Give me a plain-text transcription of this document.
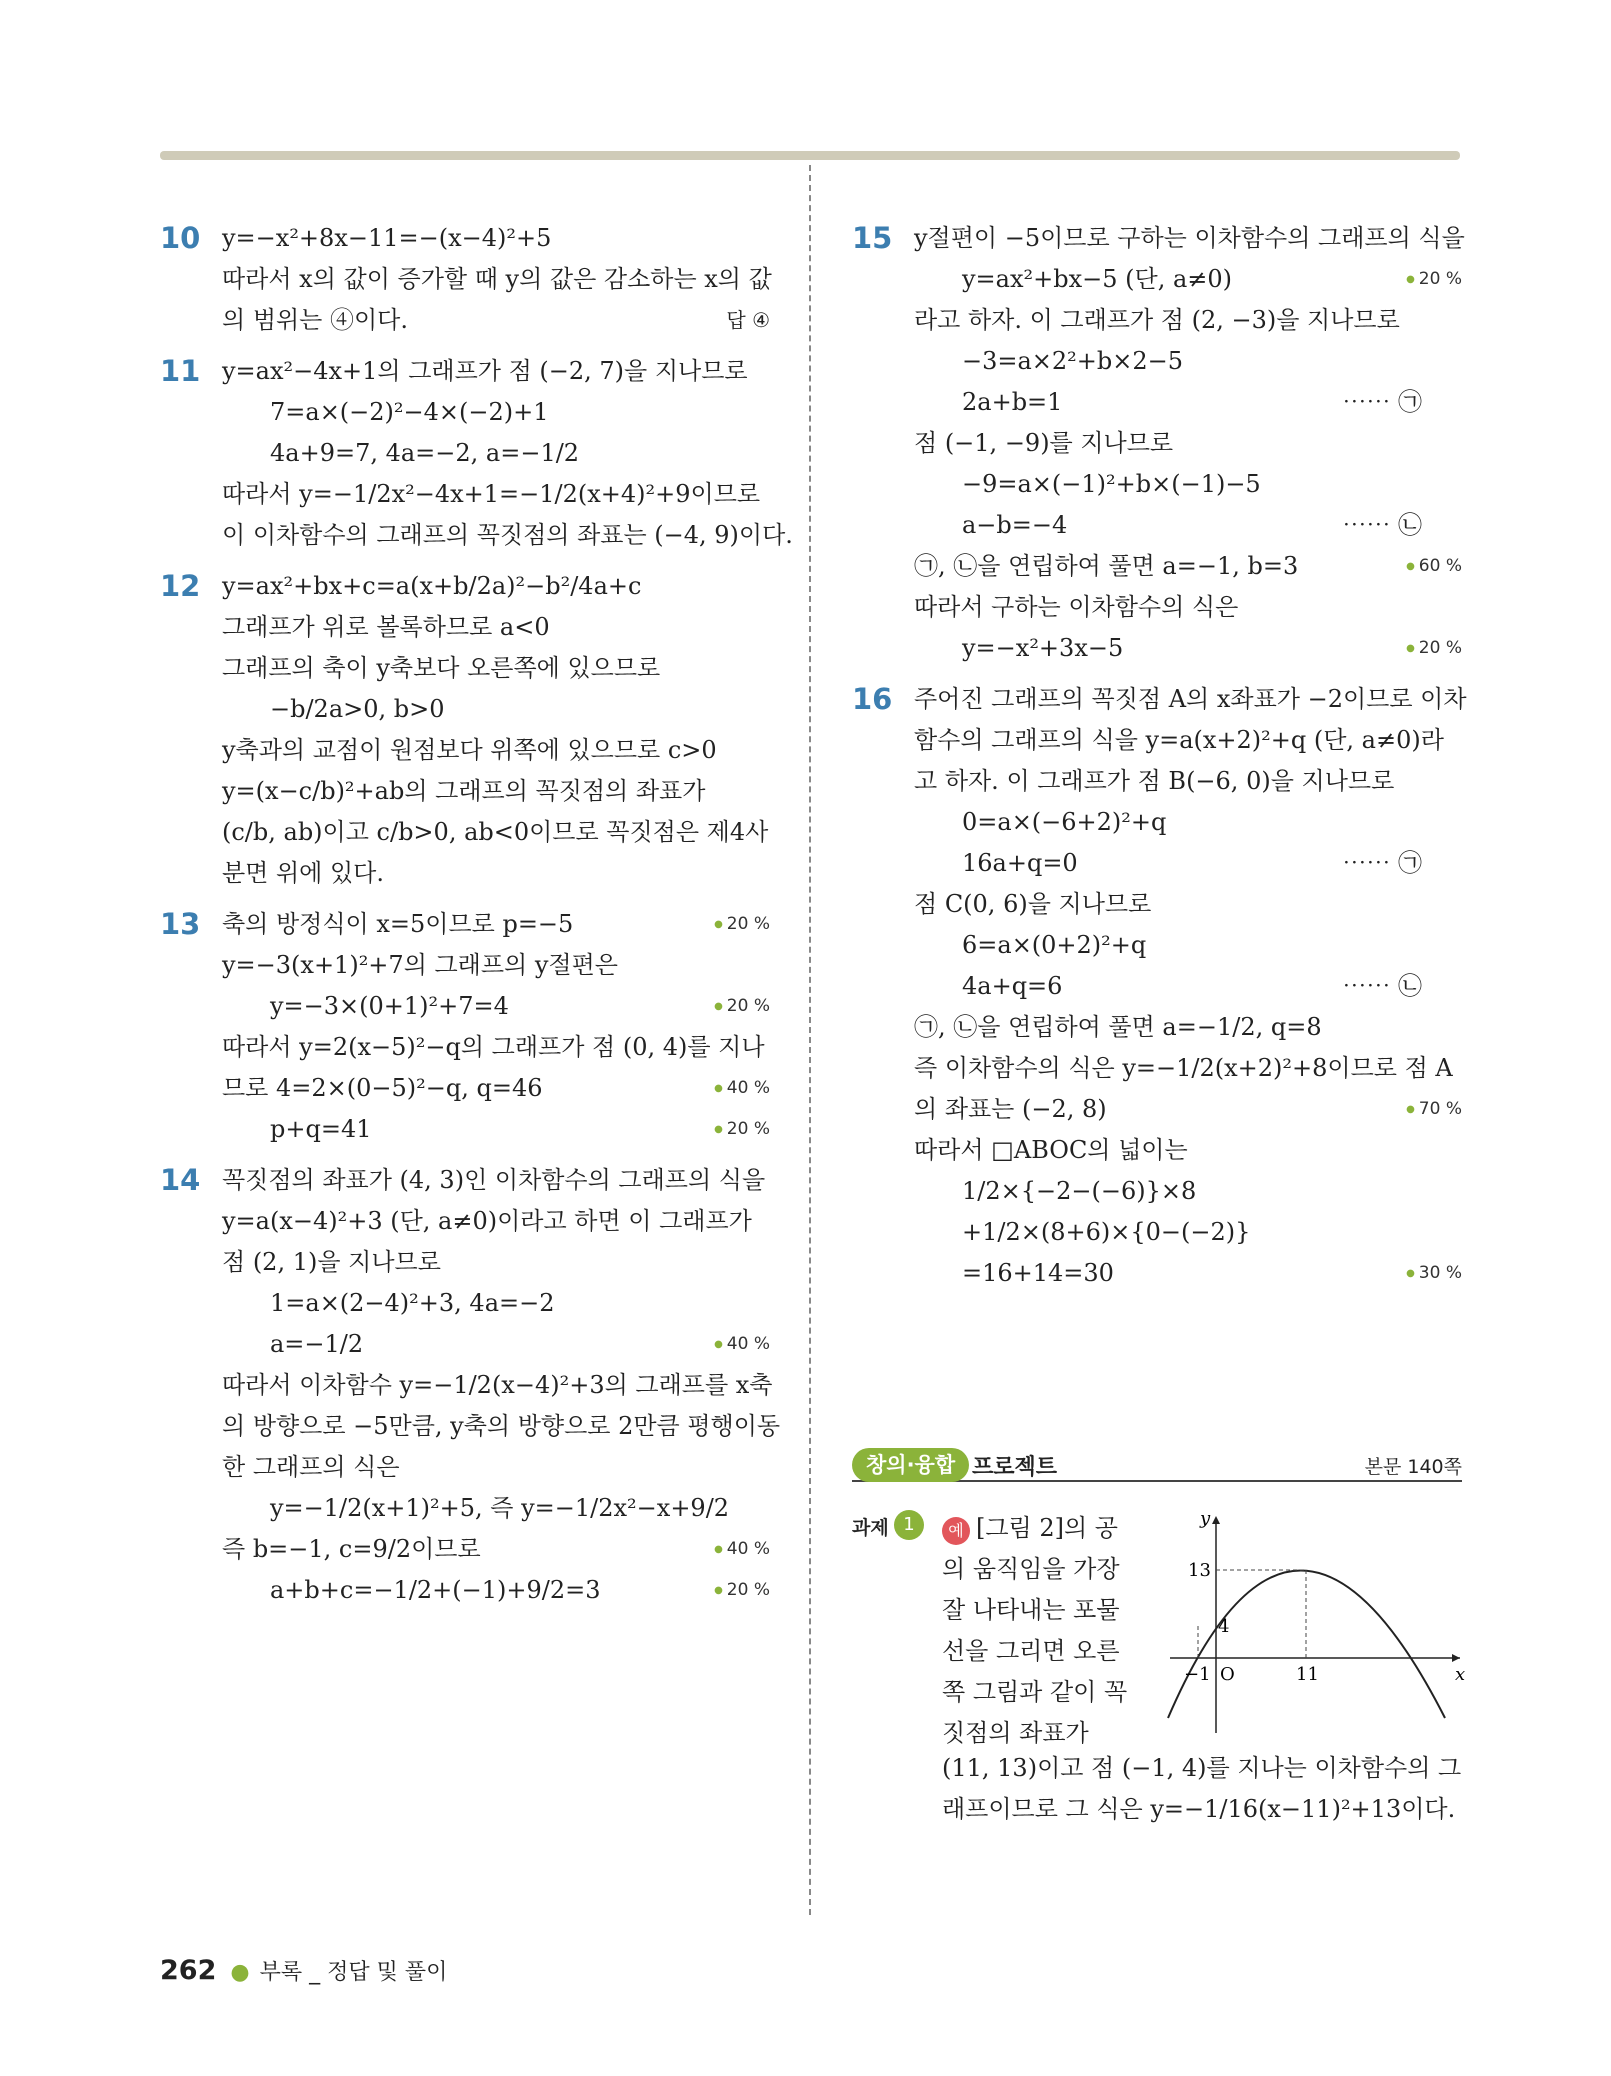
10 y=−x²+8x−11=−(x−4)²+5
따라서 x의 값이 증가할 때 y의 값은 감소하는 x의 값
의 범위는 ④이다.	답 ④
11 y=ax²−4x+1의 그래프가 점 (−2, 7)을 지나므로
7=a×(−2)²−4×(−2)+1
4a+9=7, 4a=−2, a=−1/2
따라서 y=−1/2x²−4x+1=−1/2(x+4)²+9이므로
이 이차함수의 그래프의 꼭짓점의 좌표는 (−4, 9)이다.
12 y=ax²+bx+c=a(x+b/2a)²−b²/4a+c
그래프가 위로 볼록하므로 a<0
그래프의 축이 y축보다 오른쪽에 있으므로
−b/2a>0, b>0
y축과의 교점이 원점보다 위쪽에 있으므로 c>0
y=(x−c/b)²+ab의 그래프의 꼭짓점의 좌표가
(c/b, ab)이고 c/b>0, ab<0이므로 꼭짓점은 제4사
분면 위에 있다.
13 축의 방정식이 x=5이므로 p=−5	● 20 %
y=−3(x+1)²+7의 그래프의 y절편은
y=−3×(0+1)²+7=4	● 20 %
따라서 y=2(x−5)²−q의 그래프가 점 (0, 4)를 지나
므로 4=2×(0−5)²−q, q=46	● 40 %
p+q=41	● 20 %
14 꼭짓점의 좌표가 (4, 3)인 이차함수의 그래프의 식을
y=a(x−4)²+3 (단, a≠0)이라고 하면 이 그래프가
점 (2, 1)을 지나므로
1=a×(2−4)²+3, 4a=−2
a=−1/2	● 40 %
따라서 이차함수 y=−1/2(x−4)²+3의 그래프를 x축
의 방향으로 −5만큼, y축의 방향으로 2만큼 평행이동
한 그래프의 식은
y=−1/2(x+1)²+5, 즉 y=−1/2x²−x+9/2
즉 b=−1, c=9/2이므로	● 40 %
a+b+c=−1/2+(−1)+9/2=3	● 20 %
15 y절편이 −5이므로 구하는 이차함수의 그래프의 식을
y=ax²+bx−5 (단, a≠0)	● 20 %
라고 하자. 이 그래프가 점 (2, −3)을 지나므로
−3=a×2²+b×2−5
2a+b=1	⋯⋯ ㉠
점 (−1, −9)를 지나므로
−9=a×(−1)²+b×(−1)−5
a−b=−4	⋯⋯ ㉡
㉠, ㉡을 연립하여 풀면 a=−1, b=3	● 60 %
따라서 구하는 이차함수의 식은
y=−x²+3x−5	● 20 %
16 주어진 그래프의 꼭짓점 A의 x좌표가 −2이므로 이차
함수의 그래프의 식을 y=a(x+2)²+q (단, a≠0)라
고 하자. 이 그래프가 점 B(−6, 0)을 지나므로
0=a×(−6+2)²+q
16a+q=0	⋯⋯ ㉠
점 C(0, 6)을 지나므로
6=a×(0+2)²+q
4a+q=6	⋯⋯ ㉡
㉠, ㉡을 연립하여 풀면 a=−1/2, q=8
즉 이차함수의 식은 y=−1/2(x+2)²+8이므로 점 A
의 좌표는 (−2, 8)	● 70 %
따라서 □ABOC의 넓이는
1/2×{−2−(−6)}×8
+1/2×(8+6)×{0−(−2)}
=16+14=30	● 30 %
창의·융합 프로젝트	본문 140쪽
과제 1	예 [그림 2]의 공
의 움직임을 가장
잘 나타내는 포물
선을 그리면 오른
쪽 그림과 같이 꼭
짓점의 좌표가
(11, 13)이고 점 (−1, 4)를 지나는 이차함수의 그
래프이므로 그 식은 y=−1/16(x−11)²+13이다.
y
x
13
4
−1 O	11
262 ● 부록 _ 정답 및 풀이
